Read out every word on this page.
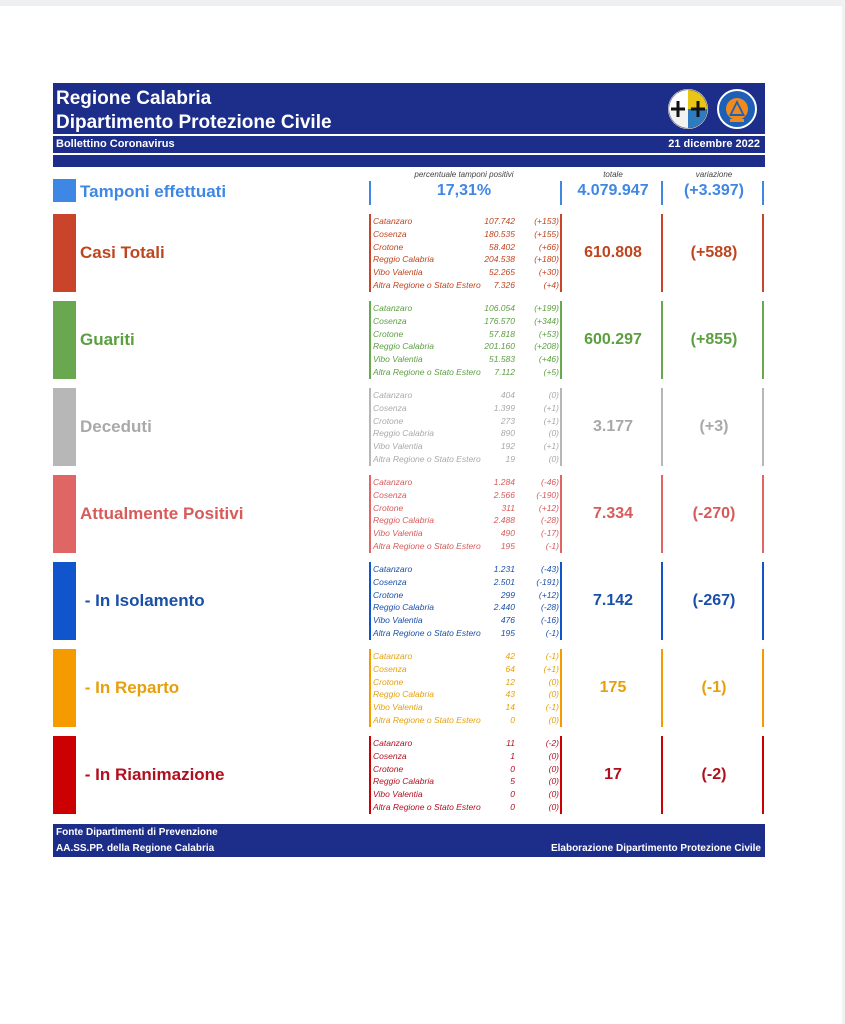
Regione Calabria
Dipartimento Protezione Civile
Bollettino Coronavirus	21 dicembre 2022
Tamponi effettuati
percentuale tamponi positivi
17,31%
totale
4.079.947
variazione
(+3.397)
Casi Totali
Catanzaro	107.742 (+153)
Cosenza	180.535 (+155)
Crotone	58.402	(+66)
Reggio Calabria	204.538 (+180)
Vibo Valentia	52.265	(+30)
Altra Regione o Stato Estero 7.326	(+4)
610.808	(+588)
Guariti
Catanzaro	106.054 (+199)
Cosenza	176.570 (+344)
Crotone	57.818	(+53)
Reggio Calabria	201.160 (+208)
Vibo Valentia	51.583	(+46)
Altra Regione o Stato Estero 7.112	(+5)
600.297	(+855)
Deceduti
Catanzaro	404	(0)
Cosenza	1.399	(+1)
Crotone	273	(+1)
Reggio Calabria	890	(0)
Vibo Valentia	192	(+1)
Altra Regione o Stato Estero	19	(0)
3.177	(+3)
Attualmente Positivi
Catanzaro	1.284	(-46)
Cosenza	2.566	(-190)
Crotone	311	(+12)
Reggio Calabria	2.488	(-28)
Vibo Valentia	490	(-17)
Altra Regione o Stato Estero 195	(-1)
7.334	(-270)
- In Isolamento
Catanzaro	1.231	(-43)
Cosenza	2.501	(-191)
Crotone	299	(+12)
Reggio Calabria	2.440	(-28)
Vibo Valentia	476	(-16)
Altra Regione o Stato Estero 195	(-1)
7.142	(-267)
- In Reparto
Catanzaro	42	(-1)
Cosenza	64	(+1)
Crotone	12	(0)
Reggio Calabria	43	(0)
Vibo Valentia	14	(-1)
Altra Regione o Stato Estero	0	(0)
175	(-1)
- In Rianimazione
Catanzaro	11	(-2)
Cosenza	1	(0)
Crotone	0	(0)
Reggio Calabria	5	(0)
Vibo Valentia	0	(0)
Altra Regione o Stato Estero	0	(0)
17	(-2)
Fonte Dipartimenti di Prevenzione
AA.SS.PP. della Regione Calabria	Elaborazione Dipartimento Protezione Civile
